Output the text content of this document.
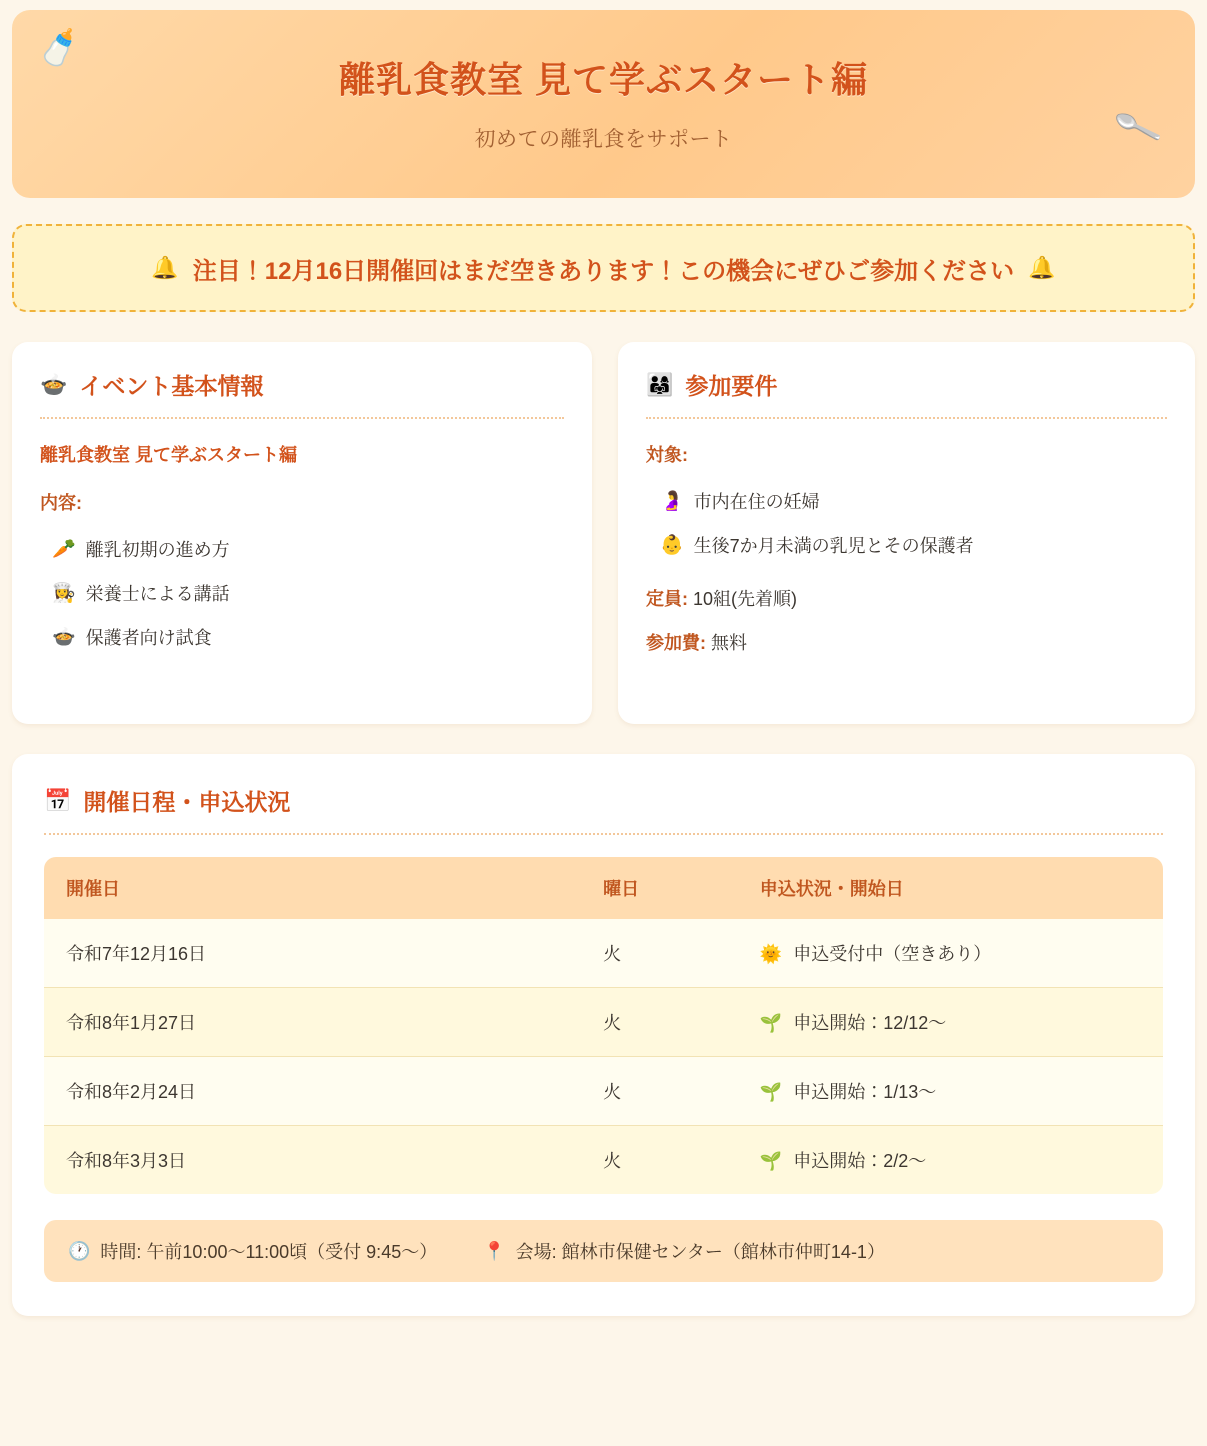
🍼
🥄
離乳食教室 見て学ぶスタート編
初めての離乳食をサポート
🔔 注目！12月16日開催回はまだ空きあります！この機会にぜひご参加ください 🔔
🍲 イベント基本情報
離乳食教室 見て学ぶスタート編
内容:
🥕 離乳初期の進め方
👩‍🍳 栄養士による講話
🍲 保護者向け試食
👨‍👩‍👧 参加要件
対象:
🤰 市内在住の妊婦
👶 生後7か月未満の乳児とその保護者
定員: 10組(先着順)
参加費: 無料
📅 開催日程・申込状況
開催日	曜日	申込状況・開始日
令和7年12月16日	火	🌞 申込受付中（空きあり）
令和8年1月27日	火	🌱 申込開始：12/12〜
令和8年2月24日	火	🌱 申込開始：1/13〜
令和8年3月3日	火	🌱 申込開始：2/2〜
🕐 時間: 午前10:00〜11:00頃（受付 9:45〜）	📍 会場: 館林市保健センター（館林市仲町14-1）
